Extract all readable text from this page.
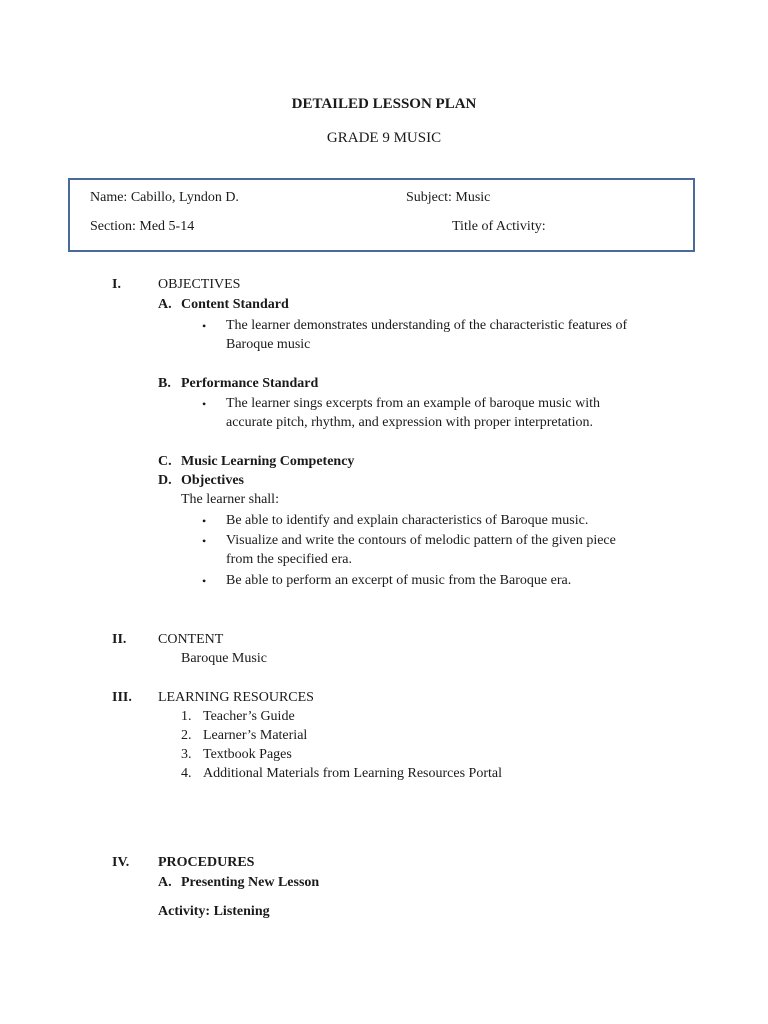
DETAILED LESSON PLAN
GRADE 9 MUSIC
Name: Cabillo, Lyndon D.	Subject: Music
Section: Med 5-14	Title of Activity:
I.	OBJECTIVES
A. Content Standard
• The learner demonstrates understanding of the characteristic features of
Baroque music
B. Performance Standard
• The learner sings excerpts from an example of baroque music with
accurate pitch, rhythm, and expression with proper interpretation.
C. Music Learning Competency
D. Objectives
The learner shall:
• Be able to identify and explain characteristics of Baroque music.
• Visualize and write the contours of melodic pattern of the given piece
from the specified era.
• Be able to perform an excerpt of music from the Baroque era.
II. CONTENT
Baroque Music
III. LEARNING RESOURCES
1. Teacher’s Guide
2. Learner’s Material
3. Textbook Pages
4. Additional Materials from Learning Resources Portal
IV. PROCEDURES
A. Presenting New Lesson
Activity: Listening
